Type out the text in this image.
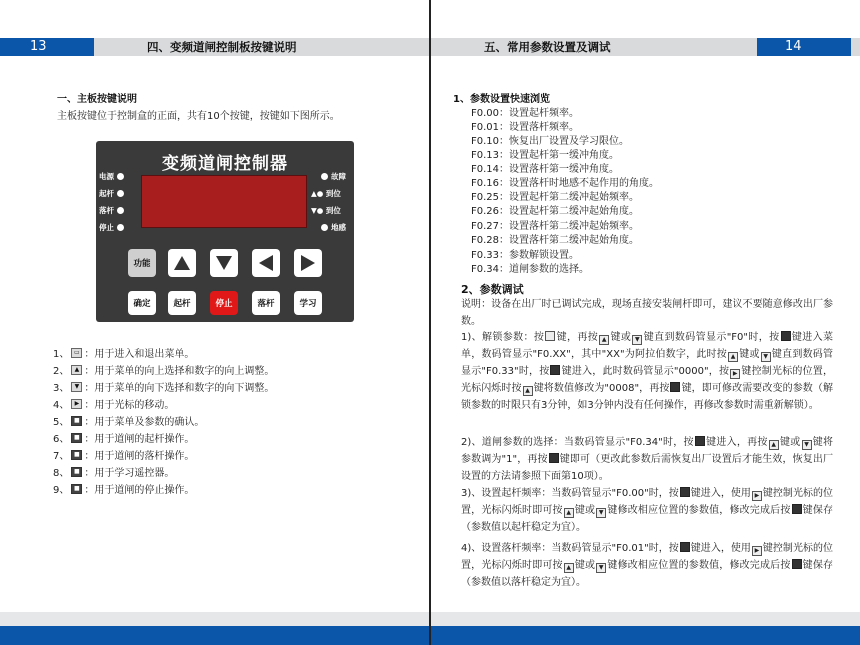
13	四、变频道闸控制板按键说明	五、常用参数设置及调试	14
一、主板按键说明
主板按键位于控制盒的正面，共有10个按键，按键如下图所示。
变频道闸控制器
电源
起杆
落杆
停止
故障
▲● 到位
▼● 到位
地感
功能
确定	起杆	停止	落杆	学习
1、 ▭ ：用于进入和退出菜单。
2、 ▲ ：用于菜单的向上选择和数字的向上调整。
3、 ▼ ：用于菜单的向下选择和数字的向下调整。
4、 ▶ ：用于光标的移动。
5、 ■ ：用于菜单及参数的确认。
6、 ■ ：用于道闸的起杆操作。
7、 ■ ：用于道闸的落杆操作。
8、 ■ ：用于学习遥控器。
9、 ■ ：用于道闸的停止操作。
1、参数设置快速浏览
F0.00：设置起杆频率。
F0.01：设置落杆频率。
F0.10：恢复出厂设置及学习限位。
F0.13：设置起杆第一缓冲角度。
F0.14：设置落杆第一缓冲角度。
F0.16：设置落杆时地感不起作用的角度。
F0.25：设置起杆第二缓冲起始频率。
F0.26：设置起杆第二缓冲起始角度。
F0.27：设置落杆第二缓冲起始频率。
F0.28：设置落杆第二缓冲起始角度。
F0.33：参数解锁设置。
F0.34：道闸参数的选择。
2、参数调试
说明：设备在出厂时已调试完成，现场直接安装闸杆即可，建议不要随意修改出厂参数。
1)、解锁参数：按 键，再按 ▲ 键或 ▼ 键直到数码管显示"F0"时，按 键进入菜单，数码管显示"F0.XX"，其中"XX"为阿拉伯数字，此时按 ▲ 键或 ▼ 键直到数码管显示"F0.33"时，按 键进入，此时数码管显示"0000"，按 ▶ 键控制光标的位置，光标闪烁时按 ▲ 键将数值修改为"0008"，再按 键，即可修改需要改变的参数（解锁参数的时限只有3分钟，如3分钟内没有任何操作，再修改参数时需重新解锁）。
2)、道闸参数的选择：当数码管显示"F0.34"时，按 键进入，再按 ▲ 键或 ▼ 键将参数调为"1"，再按 键即可（更改此参数后需恢复出厂设置后才能生效，恢复出厂设置的方法请参照下面第10项）。
3)、设置起杆频率：当数码管显示"F0.00"时，按 键进入，使用 ▶ 键控制光标的位置，光标闪烁时即可按 ▲ 键或 ▼ 键修改相应位置的参数值，修改完成后按 键保存（参数值以起杆稳定为宜）。
4)、设置落杆频率：当数码管显示"F0.01"时，按 键进入，使用 ▶ 键控制光标的位置，光标闪烁时即可按 ▲ 键或 ▼ 键修改相应位置的参数值，修改完成后按 键保存（参数值以落杆稳定为宜）。
